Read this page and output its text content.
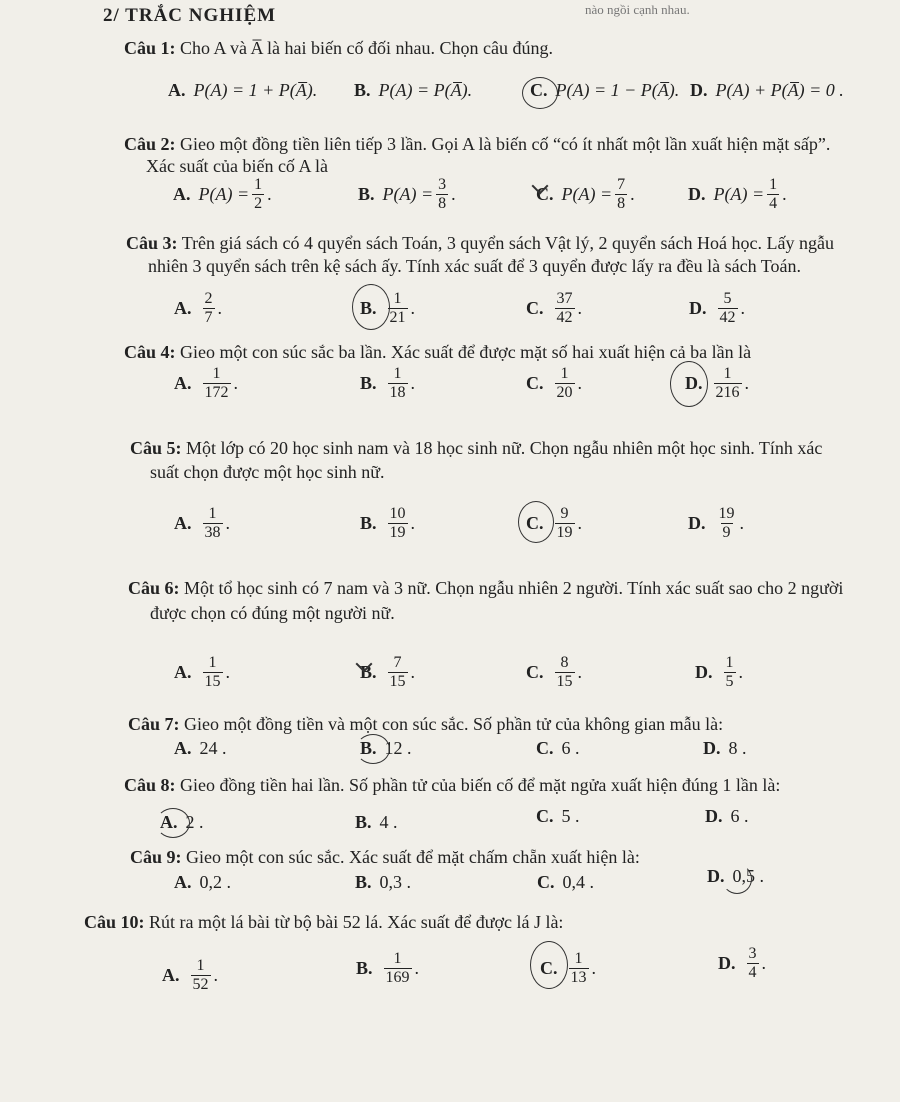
2/ TRẮC NGHIỆM	nào ngồi cạnh nhau.
Câu 1: Cho A và A̅ là hai biến cố đối nhau. Chọn câu đúng.
A. P(A) = 1 + P(A̅). B. P(A) = P(A̅).	C. P(A) = 1 − P(A̅). D. P(A) + P(A̅) = 0 .
Câu 2: Gieo một đồng tiền liên tiếp 3 lần. Gọi A là biến cố “có ít nhất một lần xuất hiện mặt sấp”.
Xác suất của biến cố A là
A. $P(A) = \frac{1}{2}$ .	B. $P(A) = \frac{3}{8}$ .	C. $P(A) = \frac{7}{8}$ .	D. $P(A) = \frac{1}{4}$ .
Câu 3: Trên giá sách có 4 quyển sách Toán, 3 quyển sách Vật lý, 2 quyển sách Hoá học. Lấy ngẫu
nhiên 3 quyển sách trên kệ sách ấy. Tính xác suất để 3 quyển được lấy ra đều là sách Toán.
A. $\frac{2}{7}$ .	B. $\frac{1}{21}$ .	C. $\frac{37}{42}$ .	D. $\frac{5}{42}$ .
Câu 4: Gieo một con súc sắc ba lần. Xác suất để được mặt số hai xuất hiện cả ba lần là
A. $\frac{1}{172}$ .	B. $\frac{1}{18}$ .	C. $\frac{1}{20}$ .	D. $\frac{1}{216}$ .
Câu 5: Một lớp có 20 học sinh nam và 18 học sinh nữ. Chọn ngẫu nhiên một học sinh. Tính xác
suất chọn được một học sinh nữ.
A. $\frac{1}{38}$ .	B. $\frac{10}{19}$ .	C. $\frac{9}{19}$ .	D. $\frac{19}{9}$ .
Câu 6: Một tổ học sinh có 7 nam và 3 nữ. Chọn ngẫu nhiên 2 người. Tính xác suất sao cho 2 người
được chọn có đúng một người nữ.
A. $\frac{1}{15}$ .	B. $\frac{7}{15}$ .	C. $\frac{8}{15}$ .	D. $\frac{1}{5}$ .
Câu 7: Gieo một đồng tiền và một con súc sắc. Số phần tử của không gian mẫu là:
A. 24 .	B. 12 .	C. 6 .	D. 8 .
Câu 8: Gieo đồng tiền hai lần. Số phần tử của biến cố để mặt ngửa xuất hiện đúng 1 lần là:
A. 2 .	B. 4 .	C. 5 .	D. 6 .
Câu 9: Gieo một con súc sắc. Xác suất để mặt chấm chẵn xuất hiện là:
A. 0,2 .	B. 0,3 .	C. 0,4 .	D. 0,5 .
Câu 10: Rút ra một lá bài từ bộ bài 52 lá. Xác suất để được lá J là:
A. $\frac{1}{52}$ .	B. $\frac{1}{169}$ .	C. $\frac{1}{13}$ .	D. $\frac{3}{4}$ .
